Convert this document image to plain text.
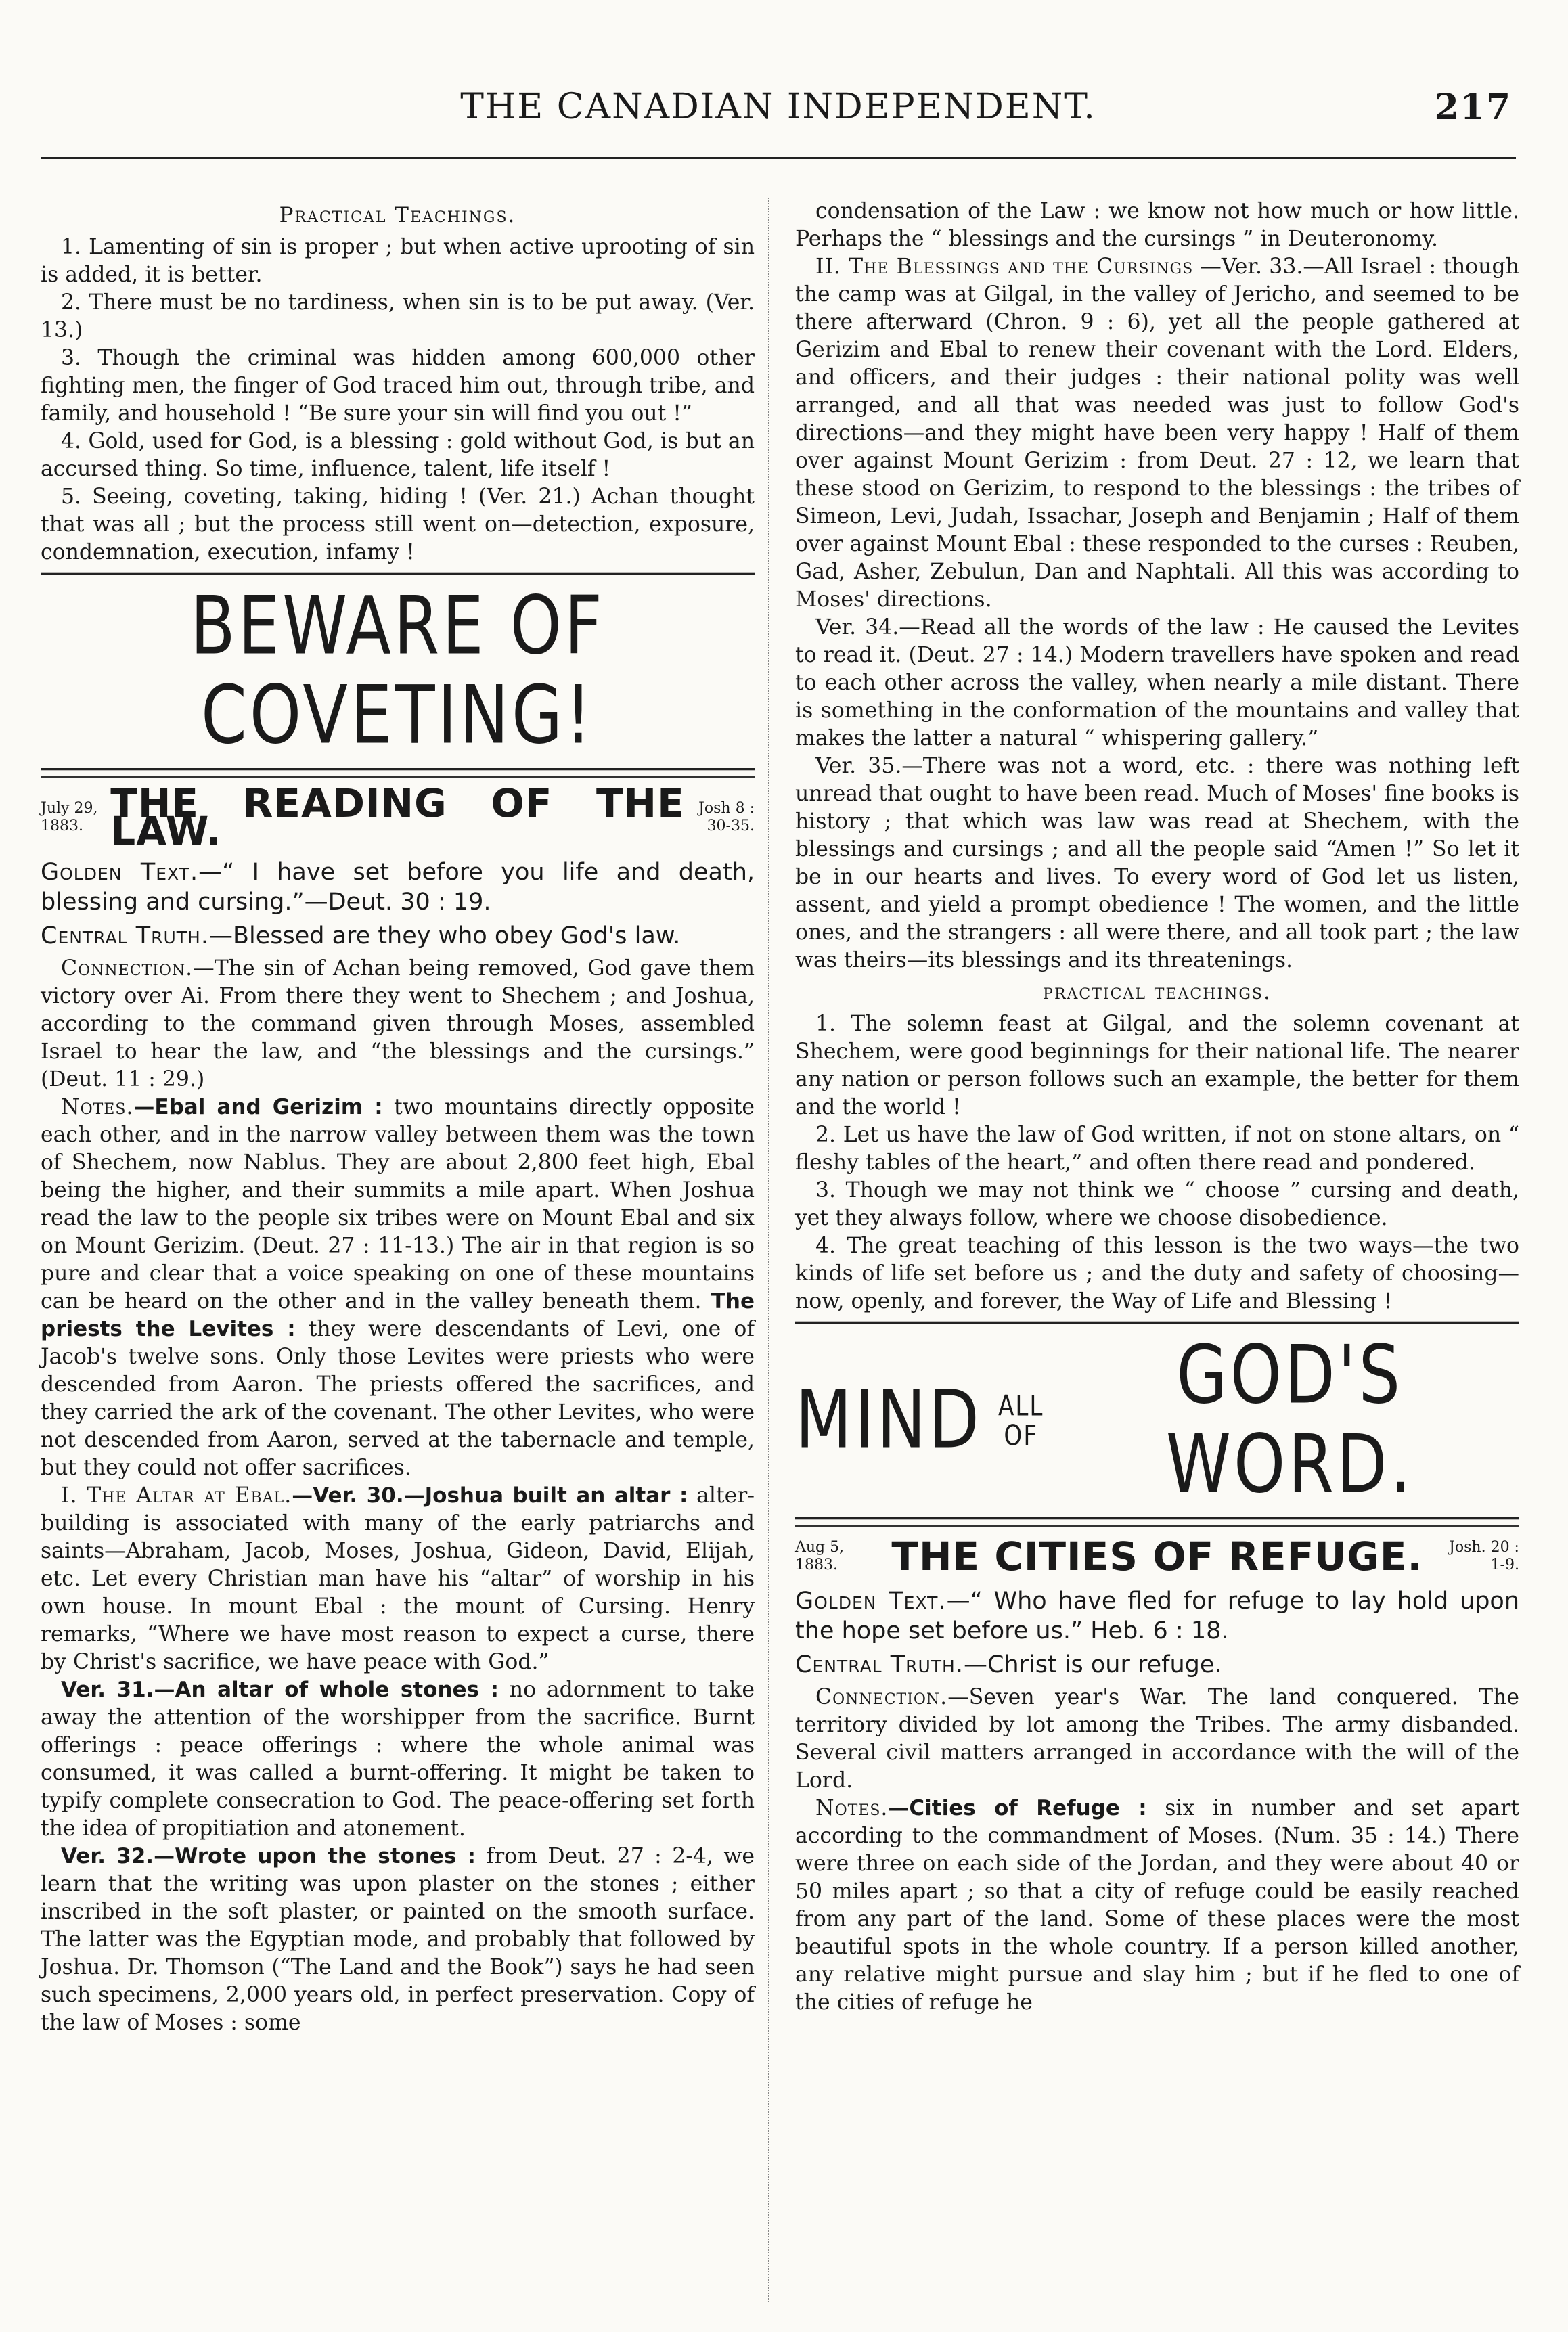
THE CANADIAN INDEPENDENT.	217
Practical Teachings.

1. Lamenting of sin is proper ; but when active uprooting of sin is added, it is better.

2. There must be no tardiness, when sin is to be put away. (Ver. 13.)

3. Though the criminal was hidden among 600,000 other fighting men, the finger of God traced him out, through tribe, and family, and household ! “Be sure your sin will find you out !”

4. Gold, used for God, is a blessing : gold without God, is but an accursed thing. So time, influence, talent, life itself !

5. Seeing, coveting, taking, hiding ! (Ver. 21.) Achan thought that was all ; but the process still went on—detection, exposure, condemnation, execution, infamy !

BEWARE OF COVETING!
July 29,
1883. THE READING OF THE LAW.	Josh 8 :
30-35.

Golden Text.—“ I have set before you life and death, blessing and cursing.”—Deut. 30 : 19.

Central Truth.—Blessed are they who obey God's law.

Connection.—The sin of Achan being removed, God gave them victory over Ai. From there they went to Shechem ; and Joshua, according to the command given through Moses, assembled Israel to hear the law, and “the blessings and the cursings.” (Deut. 11 : 29.)

Notes.—Ebal and Gerizim : two mountains directly opposite each other, and in the narrow valley between them was the town of Shechem, now Nablus. They are about 2,800 feet high, Ebal being the higher, and their summits a mile apart. When Joshua read the law to the people six tribes were on Mount Ebal and six on Mount Gerizim. (Deut. 27 : 11-13.) The air in that region is so pure and clear that a voice speaking on one of these mountains can be heard on the other and in the valley beneath them. The priests the Levites : they were descendants of Levi, one of Jacob's twelve sons. Only those Levites were priests who were descended from Aaron. The priests offered the sacrifices, and they carried the ark of the covenant. The other Levites, who were not descended from Aaron, served at the tabernacle and temple, but they could not offer sacrifices.

I. The Altar at Ebal.—Ver. 30.—Joshua built an altar : alter-building is associated with many of the early patriarchs and saints—Abraham, Jacob, Moses, Joshua, Gideon, David, Elijah, etc. Let every Christian man have his “altar” of worship in his own house. In mount Ebal : the mount of Cursing. Henry remarks, “Where we have most reason to expect a curse, there by Christ's sacrifice, we have peace with God.”

Ver. 31.—An altar of whole stones : no adornment to take away the attention of the worshipper from the sacrifice. Burnt offerings : peace offerings : where the whole animal was consumed, it was called a burnt-offering. It might be taken to typify complete consecration to God. The peace-offering set forth the idea of propitiation and atonement.

Ver. 32.—Wrote upon the stones : from Deut. 27 : 2-4, we learn that the writing was upon plaster on the stones ; either inscribed in the soft plaster, or painted on the smooth surface. The latter was the Egyptian mode, and probably that followed by Joshua. Dr. Thomson (“The Land and the Book”) says he had seen such specimens, 2,000 years old, in perfect preservation. Copy of the law of Moses : some

condensation of the Law : we know not how much or how little. Perhaps the “ blessings and the cursings ” in Deuteronomy.

II. The Blessings and the Cursings —Ver. 33.—All Israel : though the camp was at Gilgal, in the valley of Jericho, and seemed to be there afterward (Chron. 9 : 6), yet all the people gathered at Gerizim and Ebal to renew their covenant with the Lord. Elders, and officers, and their judges : their national polity was well arranged, and all that was needed was just to follow God's directions—and they might have been very happy ! Half of them over against Mount Gerizim : from Deut. 27 : 12, we learn that these stood on Gerizim, to respond to the blessings : the tribes of Simeon, Levi, Judah, Issachar, Joseph and Benjamin ; Half of them over against Mount Ebal : these responded to the curses : Reuben, Gad, Asher, Zebulun, Dan and Naphtali. All this was according to Moses' directions.

Ver. 34.—Read all the words of the law : He caused the Levites to read it. (Deut. 27 : 14.) Modern travellers have spoken and read to each other across the valley, when nearly a mile distant. There is something in the conformation of the mountains and valley that makes the latter a natural “ whispering gallery.”

Ver. 35.—There was not a word, etc. : there was nothing left unread that ought to have been read. Much of Moses' fine books is history ; that which was law was read at Shechem, with the blessings and cursings ; and all the people said “Amen !” So let it be in our hearts and lives. To every word of God let us listen, assent, and yield a prompt obedience ! The women, and the little ones, and the strangers : all were there, and all took part ; the law was theirs—its blessings and its threatenings.

practical teachings.

1. The solemn feast at Gilgal, and the solemn covenant at Shechem, were good beginnings for their national life. The nearer any nation or person follows such an example, the better for them and the world !

2. Let us have the law of God written, if not on stone altars, on “ fleshy tables of the heart,” and often there read and pondered.

3. Though we may not think we “ choose ” cursing and death, yet they always follow, where we choose disobedience.

4. The great teaching of this lesson is the two ways—the two kinds of life set before us ; and the duty and safety of choosing—now, openly, and forever, the Way of Life and Blessing !

MIND ALL
OF
GOD'S WORD.
Aug 5,
1883.	THE CITIES OF REFUGE. Josh. 20 :
1-9.

Golden Text.—“ Who have fled for refuge to lay hold upon the hope set before us.” Heb. 6 : 18.

Central Truth.—Christ is our refuge.

Connection.—Seven year's War. The land conquered. The territory divided by lot among the Tribes. The army disbanded. Several civil matters arranged in accordance with the will of the Lord.

Notes.—Cities of Refuge : six in number and set apart according to the commandment of Moses. (Num. 35 : 14.) There were three on each side of the Jordan, and they were about 40 or 50 miles apart ; so that a city of refuge could be easily reached from any part of the land. Some of these places were the most beautiful spots in the whole country. If a person killed another, any relative might pursue and slay him ; but if he fled to one of the cities of refuge he
